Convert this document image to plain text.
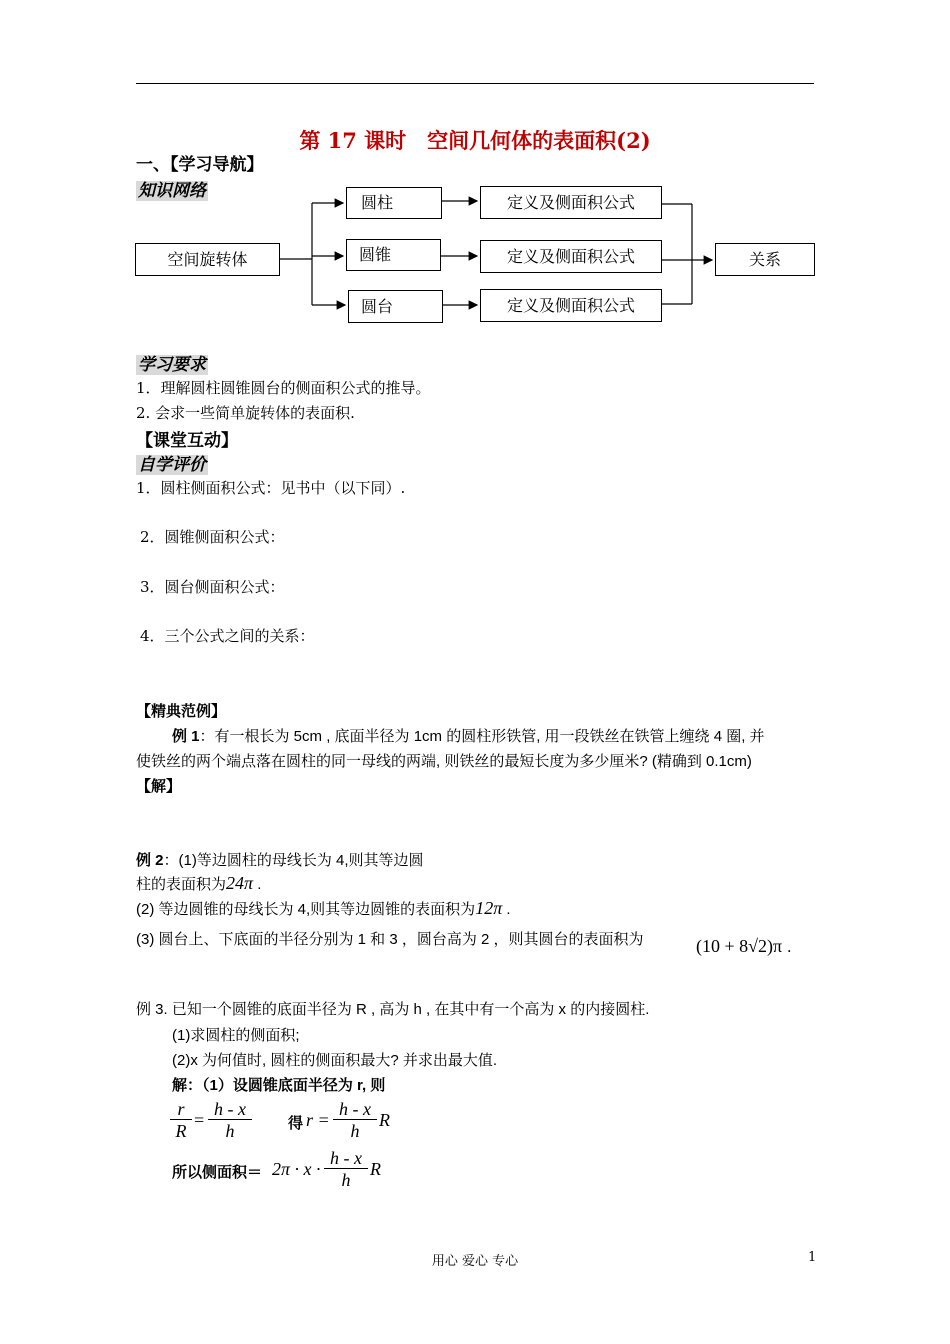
第 17 课时　空间几何体的表面积(2)
一、【学习导航】
知识网络
空间旋转体
圆柱
圆锥
圆台
定义及侧面积公式
定义及侧面积公式
定义及侧面积公式
关系
学习要求
1．理解圆柱圆锥圆台的侧面积公式的推导。
2. 会求一些简单旋转体的表面积.
【课堂互动】
自学评价
1．圆柱侧面积公式：见书中（以下同）.
2．圆锥侧面积公式：
3．圆台侧面积公式：
4．三个公式之间的关系：
【精典范例】
例 1：有一根长为 5cm , 底面半径为 1cm 的圆柱形铁管, 用一段铁丝在铁管上缠绕 4 圈, 并
使铁丝的两个端点落在圆柱的同一母线的两端, 则铁丝的最短长度为多少厘米? (精确到 0.1cm)
【解】
例 2：(1)等边圆柱的母线长为 4,则其等边圆
柱的表面积为24π .
(2) 等边圆锥的母线长为 4,则其等边圆锥的表面积为12π .
(3) 圆台上、下底面的半径分别为 1 和 3 ，圆台高为 2 ，则其圆台的表面积为	(10 + 8√2)π .
例 3. 已知一个圆锥的底面半径为 R , 高为 h , 在其中有一个高为 x 的内接圆柱.
(1)求圆柱的侧面积;
(2)x 为何值时, 圆柱的侧面积最大? 并求出最大值.
解：（1）设圆锥底面半径为 r, 则
$\frac{r}{R} = \frac{h - x}{h}$ 得 $r = \frac{h - x}{h}$ R
所以侧面积＝ $2\pi \cdot x \cdot \frac{h - x}{h}$ R
用心 爱心 专心	1
